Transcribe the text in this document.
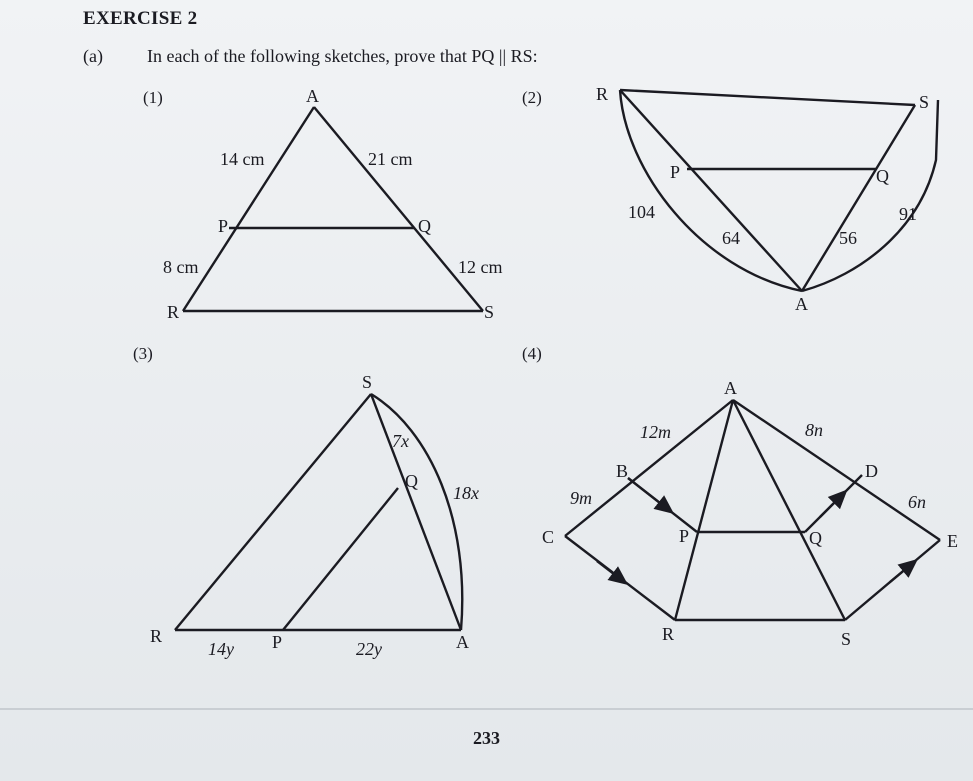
EXERCISE 2
(a) In each of the following sketches, prove that PQ || RS:
(1)	(2)
(3)	(4)
A
P	Q
R	S
14 cm	21 cm
8 cm	12 cm
R	S
P	Q
A
104
64	56
91
S
Q
R	P	A
7x
18x
14y	22y
A
B
C
D
E
P	Q
R	S
12m
9m
8n
6n
233
